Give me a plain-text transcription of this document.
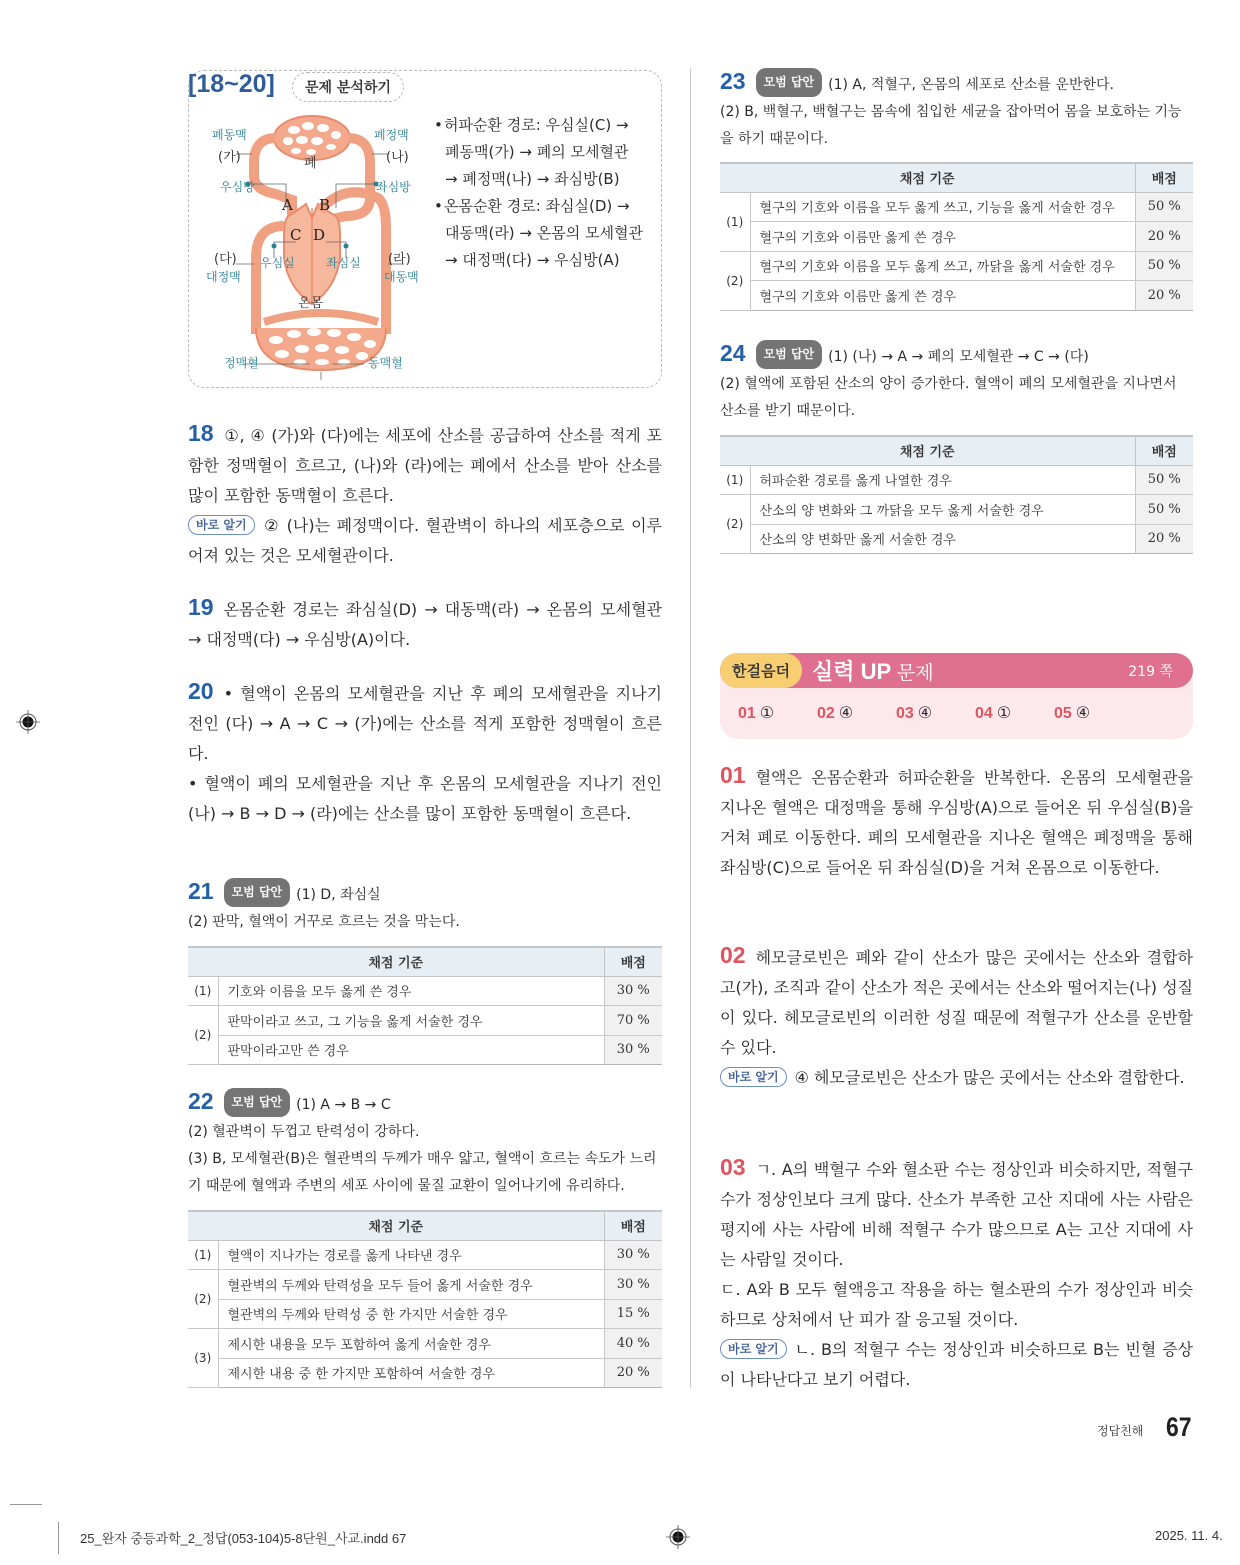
[18~20]	문제 분석하기
폐동맥
(가)
폐정맥
(나)
폐
우심방	좌심방
A B
C D
우심실	좌심실
(다)
대정맥
(라)
대동맥
온몸
정맥혈	동맥혈
•허파순환 경로: 우심실(C) →
폐동맥(가) → 폐의 모세혈관
→ 폐정맥(나) → 좌심방(B)
•온몸순환 경로: 좌심실(D) →
대동맥(라) → 온몸의 모세혈관
→ 대정맥(다) → 우심방(A)
18 ①, ④ (가)와 (다)에는 세포에 산소를 공급하여 산소를 적게 포함한 정맥혈이 흐르고, (나)와 (라)에는 폐에서 산소를 받아 산소를 많이 포함한 동맥혈이 흐른다.
바로 알기 ② (나)는 폐정맥이다. 혈관벽이 하나의 세포층으로 이루어져 있는 것은 모세혈관이다.
19 온몸순환 경로는 좌심실(D) → 대동맥(라) → 온몸의 모세혈관 → 대정맥(다) → 우심방(A)이다.
20 • 혈액이 온몸의 모세혈관을 지난 후 폐의 모세혈관을 지나기 전인 (다) → A → C → (가)에는 산소를 적게 포함한 정맥혈이 흐른다.
• 혈액이 폐의 모세혈관을 지난 후 온몸의 모세혈관을 지나기 전인 (나) → B → D → (라)에는 산소를 많이 포함한 동맥혈이 흐른다.
21 모범 답안 (1) D, 좌심실
(2) 판막, 혈액이 거꾸로 흐르는 것을 막는다.
채점 기준		배점
(1)	기호와 이름을 모두 옳게 쓴 경우	30 %
(2)	판막이라고 쓰고, 그 기능을 옳게 서술한 경우	70 %
	판막이라고만 쓴 경우	30 %
22 모범 답안 (1) A → B → C
(2) 혈관벽이 두껍고 탄력성이 강하다.
(3) B, 모세혈관(B)은 혈관벽의 두께가 매우 얇고, 혈액이 흐르는 속도가 느리기 때문에 혈액과 주변의 세포 사이에 물질 교환이 일어나기에 유리하다.
채점 기준		배점
(1)	혈액이 지나가는 경로를 옳게 나타낸 경우	30 %
(2)	혈관벽의 두께와 탄력성을 모두 들어 옳게 서술한 경우	30 %
	혈관벽의 두께와 탄력성 중 한 가지만 서술한 경우	15 %
(3)	제시한 내용을 모두 포함하여 옳게 서술한 경우	40 %
	제시한 내용 중 한 가지만 포함하여 서술한 경우	20 %
23 모범 답안 (1) A, 적혈구, 온몸의 세포로 산소를 운반한다.
(2) B, 백혈구, 백혈구는 몸속에 침입한 세균을 잡아먹어 몸을 보호하는 기능을 하기 때문이다.
채점 기준		배점
(1)	혈구의 기호와 이름을 모두 옳게 쓰고, 기능을 옳게 서술한 경우	50 %
	혈구의 기호와 이름만 옳게 쓴 경우	20 %
(2)	혈구의 기호와 이름을 모두 옳게 쓰고, 까닭을 옳게 서술한 경우	50 %
	혈구의 기호와 이름만 옳게 쓴 경우	20 %
24 모범 답안 (1) (나) → A → 폐의 모세혈관 → C → (다)
(2) 혈액에 포함된 산소의 양이 증가한다. 혈액이 폐의 모세혈관을 지나면서 산소를 받기 때문이다.
채점 기준		배점
(1)	허파순환 경로를 옳게 나열한 경우	50 %
(2)	산소의 양 변화와 그 까닭을 모두 옳게 서술한 경우	50 %
	산소의 양 변화만 옳게 서술한 경우	20 %
한걸음더	실력 UP 문제	219 쪽
01 ①	02 ④	03 ④	04 ①	05 ④
01 혈액은 온몸순환과 허파순환을 반복한다. 온몸의 모세혈관을 지나온 혈액은 대정맥을 통해 우심방(A)으로 들어온 뒤 우심실(B)을 거쳐 폐로 이동한다. 폐의 모세혈관을 지나온 혈액은 폐정맥을 통해 좌심방(C)으로 들어온 뒤 좌심실(D)을 거쳐 온몸으로 이동한다.
02 헤모글로빈은 폐와 같이 산소가 많은 곳에서는 산소와 결합하고(가), 조직과 같이 산소가 적은 곳에서는 산소와 떨어지는(나) 성질이 있다. 헤모글로빈의 이러한 성질 때문에 적혈구가 산소를 운반할 수 있다.
바로 알기 ④ 헤모글로빈은 산소가 많은 곳에서는 산소와 결합한다.
03 ㄱ. A의 백혈구 수와 혈소판 수는 정상인과 비슷하지만, 적혈구 수가 정상인보다 크게 많다. 산소가 부족한 고산 지대에 사는 사람은 평지에 사는 사람에 비해 적혈구 수가 많으므로 A는 고산 지대에 사는 사람일 것이다.
ㄷ. A와 B 모두 혈액응고 작용을 하는 혈소판의 수가 정상인과 비슷하므로 상처에서 난 피가 잘 응고될 것이다.
바로 알기 ㄴ. B의 적혈구 수는 정상인과 비슷하므로 B는 빈혈 증상이 나타난다고 보기 어렵다.
정답친해 67
25_완자 중등과학_2_정답(053-104)5-8단원_사교.indd 67	2025. 11. 4.
